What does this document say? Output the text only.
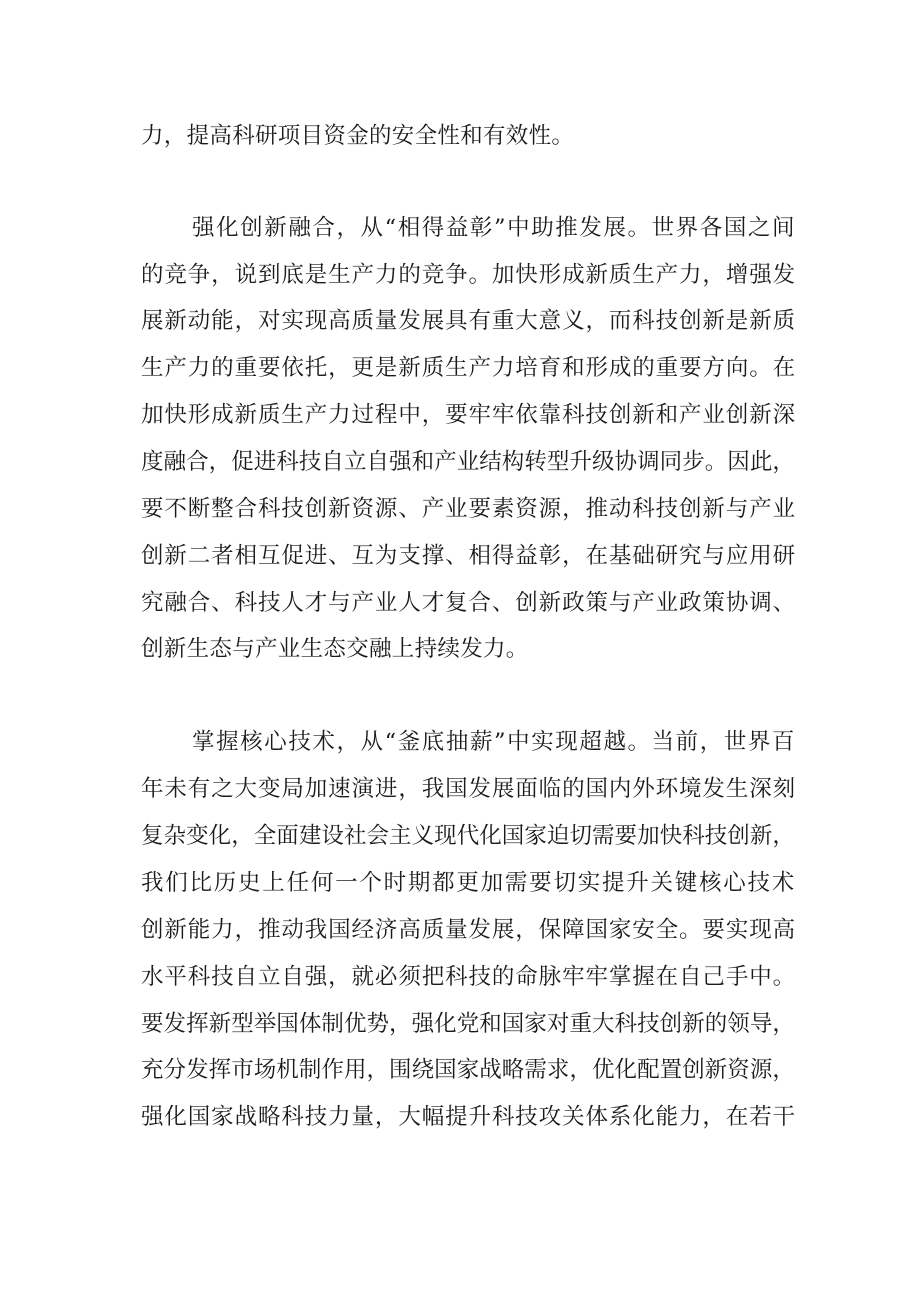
力，提高科研项目资金的安全性和有效性。
强化创新融合，从“相得益彰”中助推发展。世界各国之间
的竞争，说到底是生产力的竞争。加快形成新质生产力，增强发
展新动能，对实现高质量发展具有重大意义，而科技创新是新质
生产力的重要依托，更是新质生产力培育和形成的重要方向。在
加快形成新质生产力过程中，要牢牢依靠科技创新和产业创新深
度融合，促进科技自立自强和产业结构转型升级协调同步。因此，
要不断整合科技创新资源、产业要素资源，推动科技创新与产业
创新二者相互促进、互为支撑、相得益彰，在基础研究与应用研
究融合、科技人才与产业人才复合、创新政策与产业政策协调、
创新生态与产业生态交融上持续发力。
掌握核心技术，从“釜底抽薪”中实现超越。当前，世界百
年未有之大变局加速演进，我国发展面临的国内外环境发生深刻
复杂变化，全面建设社会主义现代化国家迫切需要加快科技创新，
我们比历史上任何一个时期都更加需要切实提升关键核心技术
创新能力，推动我国经济高质量发展，保障国家安全。要实现高
水平科技自立自强，就必须把科技的命脉牢牢掌握在自己手中。
要发挥新型举国体制优势，强化党和国家对重大科技创新的领导，
充分发挥市场机制作用，围绕国家战略需求，优化配置创新资源，
强化国家战略科技力量，大幅提升科技攻关体系化能力，在若干
